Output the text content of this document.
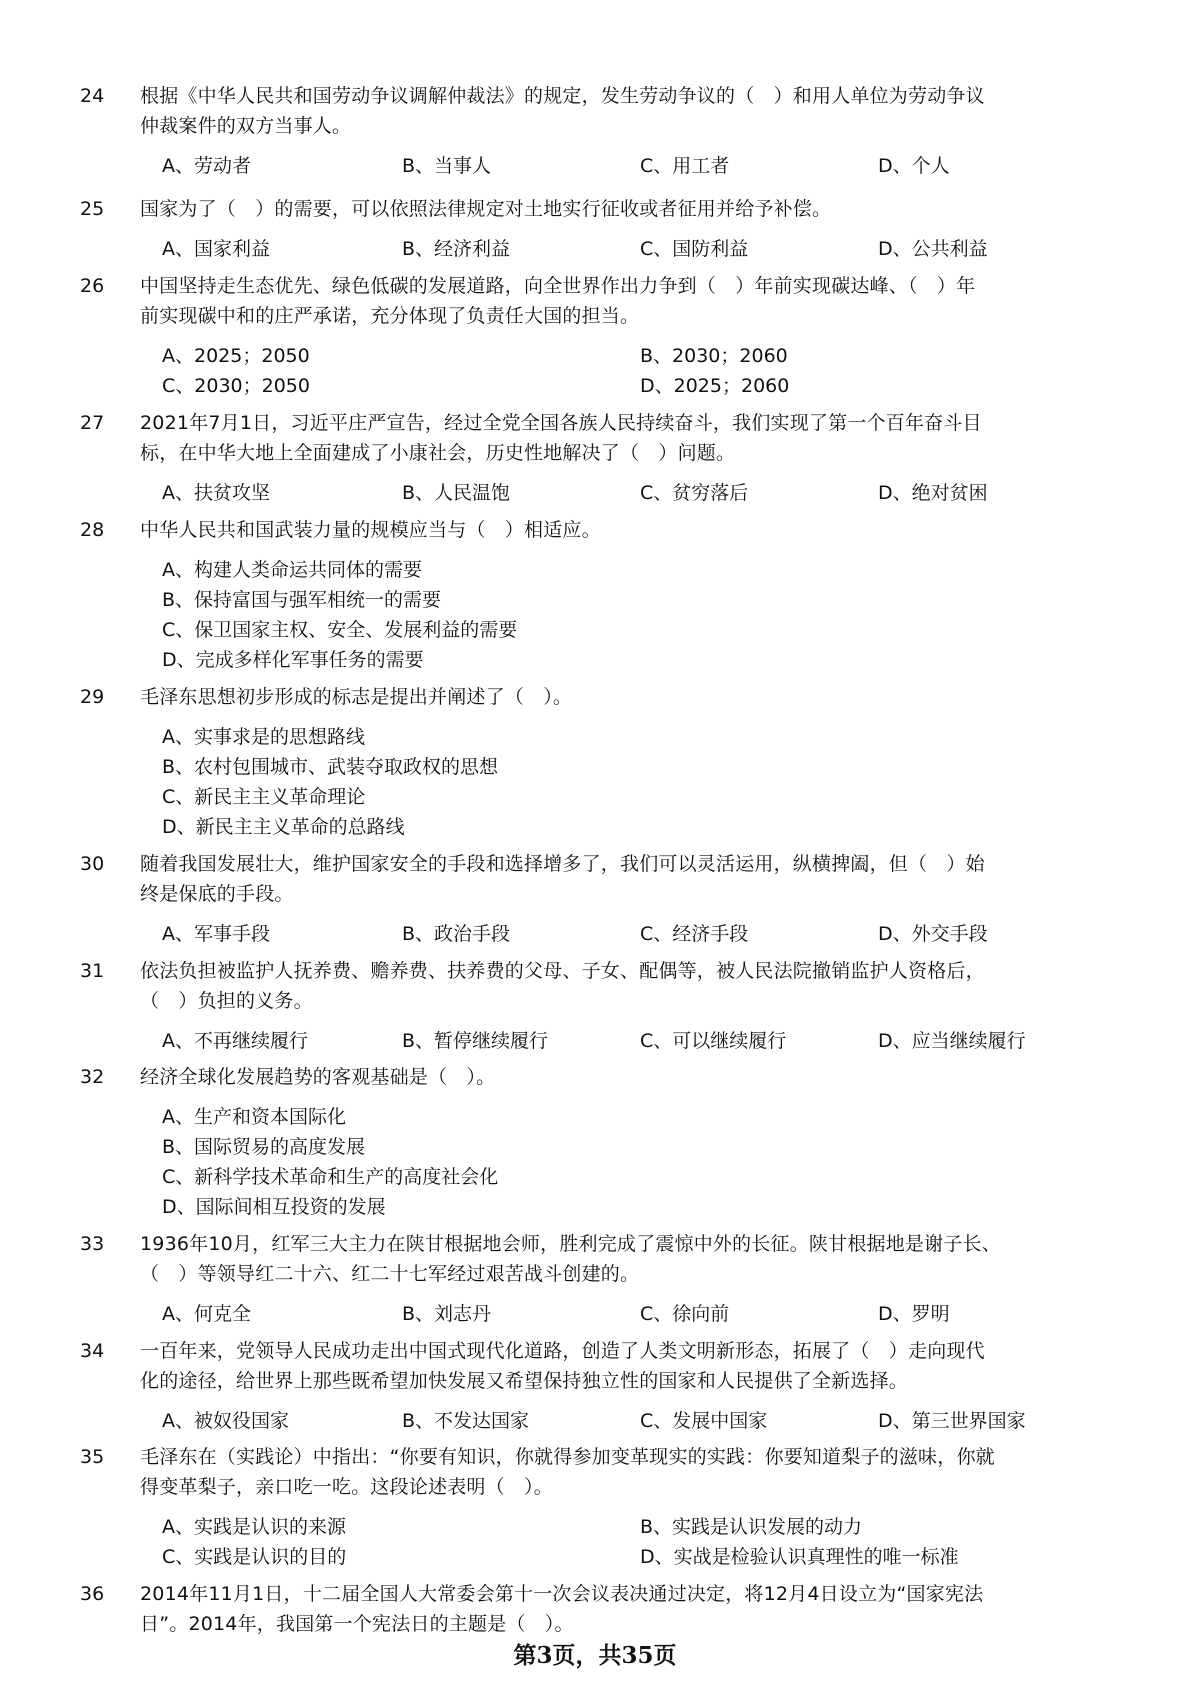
24	根据《中华人民共和国劳动争议调解仲裁法》的规定，发生劳动争议的（　）和用人单位为劳动争议
仲裁案件的双方当事人。
A、劳动者	B、当事人	C、用工者	D、个人
25	国家为了（　）的需要，可以依照法律规定对土地实行征收或者征用并给予补偿。
A、国家利益	B、经济利益	C、国防利益	D、公共利益
26	中国坚持走生态优先、绿色低碳的发展道路，向全世界作出力争到（　）年前实现碳达峰、（　）年
前实现碳中和的庄严承诺，充分体现了负责任大国的担当。
A、2025；2050	B、2030；2060
C、2030；2050	D、2025；2060
27	2021年7月1日，习近平庄严宣告，经过全党全国各族人民持续奋斗，我们实现了第一个百年奋斗目
标，在中华大地上全面建成了小康社会，历史性地解决了（　）问题。
A、扶贫攻坚	B、人民温饱	C、贫穷落后	D、绝对贫困
28	中华人民共和国武装力量的规模应当与（　）相适应。
A、构建人类命运共同体的需要
B、保持富国与强军相统一的需要
C、保卫国家主权、安全、发展利益的需要
D、完成多样化军事任务的需要
29	毛泽东思想初步形成的标志是提出并阐述了（　）。
A、实事求是的思想路线
B、农村包围城市、武装夺取政权的思想
C、新民主主义革命理论
D、新民主主义革命的总路线
30	随着我国发展壮大，维护国家安全的手段和选择增多了，我们可以灵活运用，纵横捭阖，但（　）始
终是保底的手段。
A、军事手段	B、政治手段	C、经济手段	D、外交手段
31	依法负担被监护人抚养费、赡养费、扶养费的父母、子女、配偶等，被人民法院撤销监护人资格后，
（　）负担的义务。
A、不再继续履行	B、暂停继续履行	C、可以继续履行	D、应当继续履行
32	经济全球化发展趋势的客观基础是（　）。
A、生产和资本国际化
B、国际贸易的高度发展
C、新科学技术革命和生产的高度社会化
D、国际间相互投资的发展
33	1936年10月，红军三大主力在陕甘根据地会师，胜利完成了震惊中外的长征。陕甘根据地是谢子长、
（　）等领导红二十六、红二十七军经过艰苦战斗创建的。
A、何克全	B、刘志丹	C、徐向前	D、罗明
34	一百年来，党领导人民成功走出中国式现代化道路，创造了人类文明新形态，拓展了（　）走向现代
化的途径，给世界上那些既希望加快发展又希望保持独立性的国家和人民提供了全新选择。
A、被奴役国家	B、不发达国家	C、发展中国家	D、第三世界国家
35	毛泽东在（实践论）中指出：“你要有知识，你就得参加变革现实的实践：你要知道梨子的滋味，你就
得变革梨子，亲口吃一吃。这段论述表明（　）。
A、实践是认识的来源	B、实践是认识发展的动力
C、实践是认识的目的	D、实战是检验认识真理性的唯一标准
36	2014年11月1日，十二届全国人大常委会第十一次会议表决通过决定，将12月4日设立为“国家宪法
日”。2014年，我国第一个宪法日的主题是（　）。
第3页，共35页
